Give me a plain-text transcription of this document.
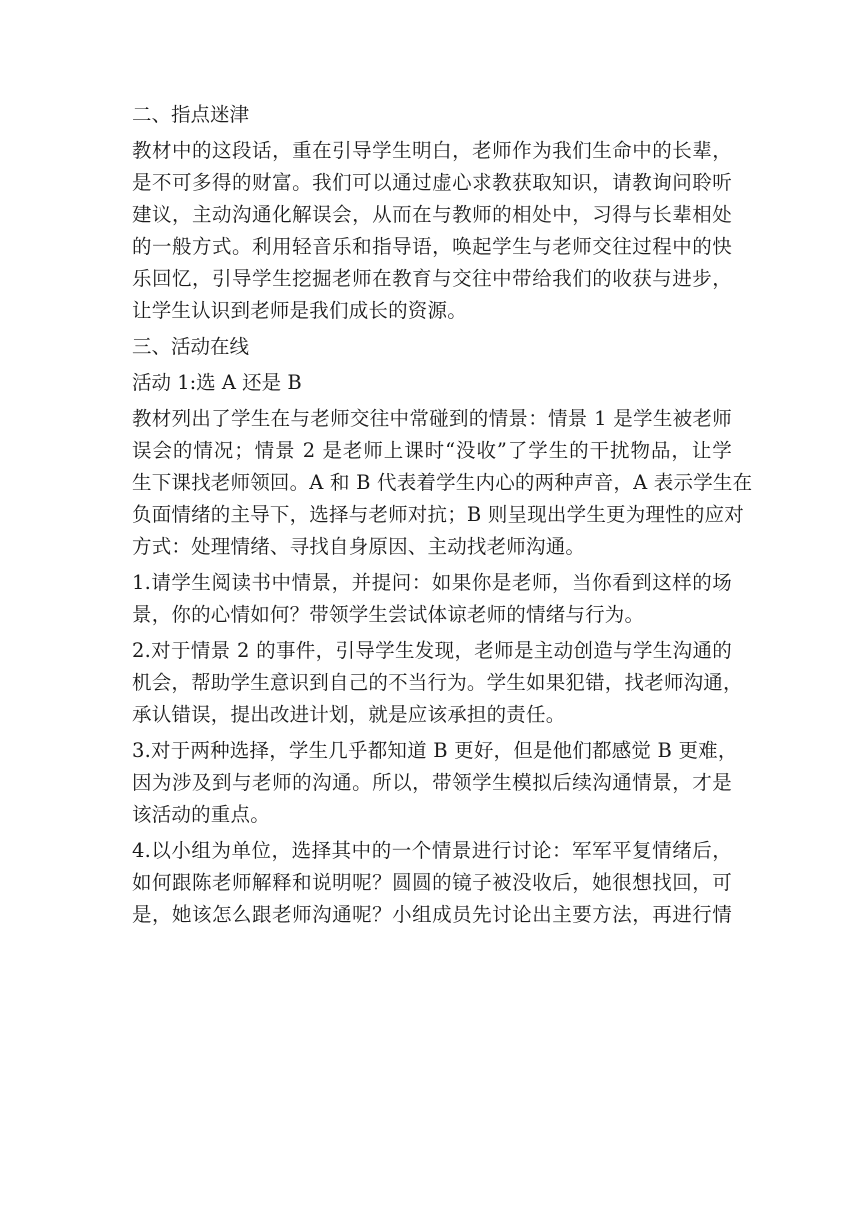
二、指点迷津
教材中的这段话，重在引导学生明白，老师作为我们生命中的长辈，
是不可多得的财富。我们可以通过虚心求教获取知识，请教询问聆听
建议，主动沟通化解误会，从而在与教师的相处中，习得与长辈相处
的一般方式。利用轻音乐和指导语，唤起学生与老师交往过程中的快
乐回忆，引导学生挖掘老师在教育与交往中带给我们的收获与进步，
让学生认识到老师是我们成长的资源。
三、活动在线
活动 1:选 A 还是 B
教材列出了学生在与老师交往中常碰到的情景：情景 1 是学生被老师
误会的情况；情景 2 是老师上课时“没收”了学生的干扰物品，让学
生下课找老师领回。A 和 B 代表着学生内心的两种声音，A 表示学生在
负面情绪的主导下，选择与老师对抗；B 则呈现出学生更为理性的应对
方式：处理情绪、寻找自身原因、主动找老师沟通。
1.请学生阅读书中情景，并提问：如果你是老师，当你看到这样的场
景，你的心情如何？带领学生尝试体谅老师的情绪与行为。
2.对于情景 2 的事件，引导学生发现，老师是主动创造与学生沟通的
机会，帮助学生意识到自己的不当行为。学生如果犯错，找老师沟通，
承认错误，提出改进计划，就是应该承担的责任。
3.对于两种选择，学生几乎都知道 B 更好，但是他们都感觉 B 更难，
因为涉及到与老师的沟通。所以，带领学生模拟后续沟通情景，才是
该活动的重点。
4.以小组为单位，选择其中的一个情景进行讨论：军军平复情绪后，
如何跟陈老师解释和说明呢？圆圆的镜子被没收后，她很想找回，可
是，她该怎么跟老师沟通呢？小组成员先讨论出主要方法，再进行情
